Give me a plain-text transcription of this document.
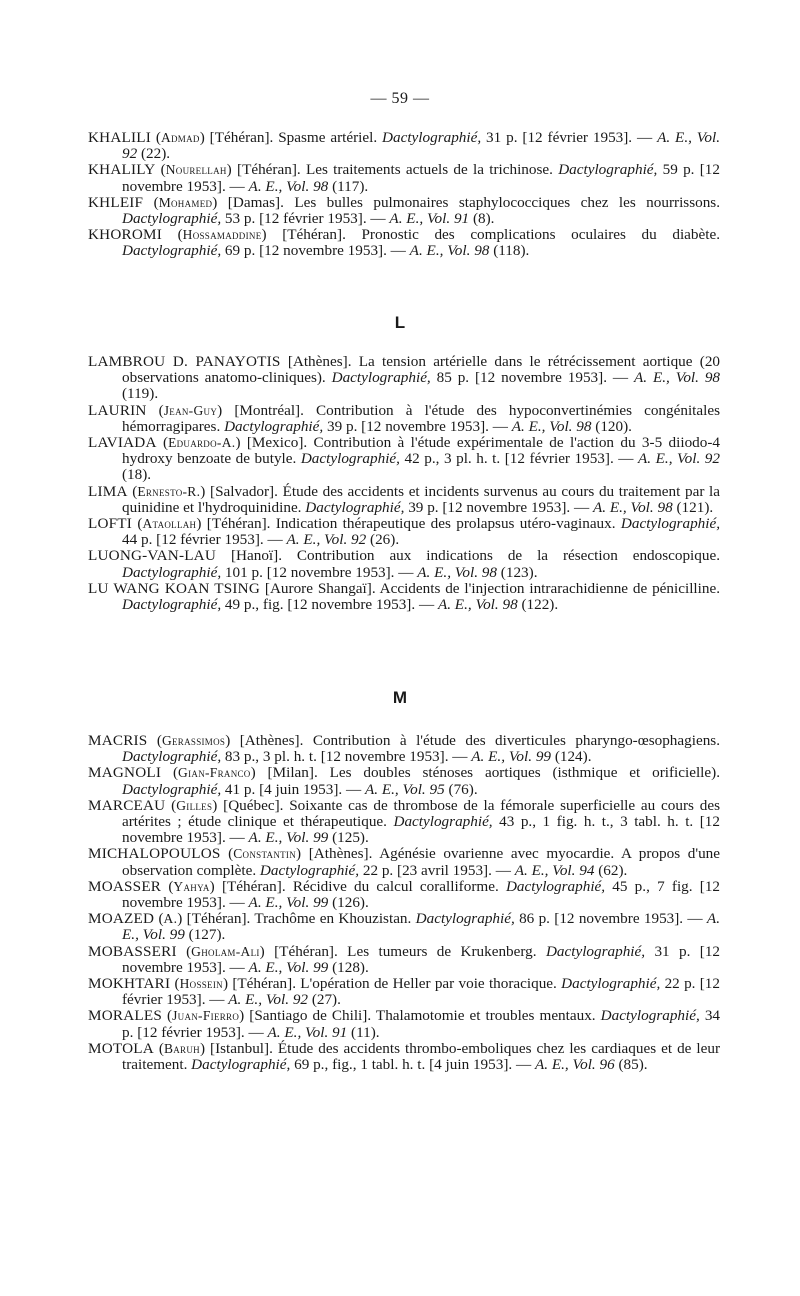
— 59 —

KHALILI (Admad) [Téhéran]. Spasme artériel. Dactylographié, 31 p. [12 février 1953]. — A. E., Vol. 92 (22).

KHALILY (Nourellah) [Téhéran]. Les traitements actuels de la trichinose. Dactylographié, 59 p. [12 novembre 1953]. — A. E., Vol. 98 (117).

KHLEIF (Mohamed) [Damas]. Les bulles pulmonaires staphylococciques chez les nourrissons. Dactylographié, 53 p. [12 février 1953]. — A. E., Vol. 91 (8).

KHOROMI (Hossamaddine) [Téhéran]. Pronostic des complications oculaires du diabète. Dactylographié, 69 p. [12 novembre 1953]. — A. E., Vol. 98 (118).

L

LAMBROU D. PANAYOTIS [Athènes]. La tension artérielle dans le rétrécissement aortique (20 observations anatomo-cliniques). Dactylographié, 85 p. [12 novembre 1953]. — A. E., Vol. 98 (119).

LAURIN (Jean-Guy) [Montréal]. Contribution à l'étude des hypoconvertinémies congénitales hémorragipares. Dactylographié, 39 p. [12 novembre 1953]. — A. E., Vol. 98 (120).

LAVIADA (Eduardo-A.) [Mexico]. Contribution à l'étude expérimentale de l'action du 3-5 diiodo-4 hydroxy benzoate de butyle. Dactylographié, 42 p., 3 pl. h. t. [12 février 1953]. — A. E., Vol. 92 (18).

LIMA (Ernesto-R.) [Salvador]. Étude des accidents et incidents survenus au cours du traitement par la quinidine et l'hydroquinidine. Dactylographié, 39 p. [12 novembre 1953]. — A. E., Vol. 98 (121).

LOFTI (Ataollah) [Téhéran]. Indication thérapeutique des prolapsus utéro-vaginaux. Dactylographié, 44 p. [12 février 1953]. — A. E., Vol. 92 (26).

LUONG-VAN-LAU [Hanoï]. Contribution aux indications de la résection endoscopique. Dactylographié, 101 p. [12 novembre 1953]. — A. E., Vol. 98 (123).

LU WANG KOAN TSING [Aurore Shangaï]. Accidents de l'injection intrarachidienne de pénicilline. Dactylographié, 49 p., fig. [12 novembre 1953]. — A. E., Vol. 98 (122).

M

MACRIS (Gerassimos) [Athènes]. Contribution à l'étude des diverticules pharyngo-œsophagiens. Dactylographié, 83 p., 3 pl. h. t. [12 novembre 1953]. — A. E., Vol. 99 (124).

MAGNOLI (Gian-Franco) [Milan]. Les doubles sténoses aortiques (isthmique et orificielle). Dactylographié, 41 p. [4 juin 1953]. — A. E., Vol. 95 (76).

MARCEAU (Gilles) [Québec]. Soixante cas de thrombose de la fémorale superficielle au cours des artérites ; étude clinique et thérapeutique. Dactylographié, 43 p., 1 fig. h. t., 3 tabl. h. t. [12 novembre 1953]. — A. E., Vol. 99 (125).

MICHALOPOULOS (Constantin) [Athènes]. Agénésie ovarienne avec myocardie. A propos d'une observation complète. Dactylographié, 22 p. [23 avril 1953]. — A. E., Vol. 94 (62).

MOASSER (Yahya) [Téhéran]. Récidive du calcul coralliforme. Dactylographié, 45 p., 7 fig. [12 novembre 1953]. — A. E., Vol. 99 (126).

MOAZED (A.) [Téhéran]. Trachôme en Khouzistan. Dactylographié, 86 p. [12 novembre 1953]. — A. E., Vol. 99 (127).

MOBASSERI (Gholam-Ali) [Téhéran]. Les tumeurs de Krukenberg. Dactylographié, 31 p. [12 novembre 1953]. — A. E., Vol. 99 (128).

MOKHTARI (Hossein) [Téhéran]. L'opération de Heller par voie thoracique. Dactylographié, 22 p. [12 février 1953]. — A. E., Vol. 92 (27).

MORALES (Juan-Fierro) [Santiago de Chili]. Thalamotomie et troubles mentaux. Dactylographié, 34 p. [12 février 1953]. — A. E., Vol. 91 (11).

MOTOLA (Baruh) [Istanbul]. Étude des accidents thrombo-emboliques chez les cardiaques et de leur traitement. Dactylographié, 69 p., fig., 1 tabl. h. t. [4 juin 1953]. — A. E., Vol. 96 (85).
